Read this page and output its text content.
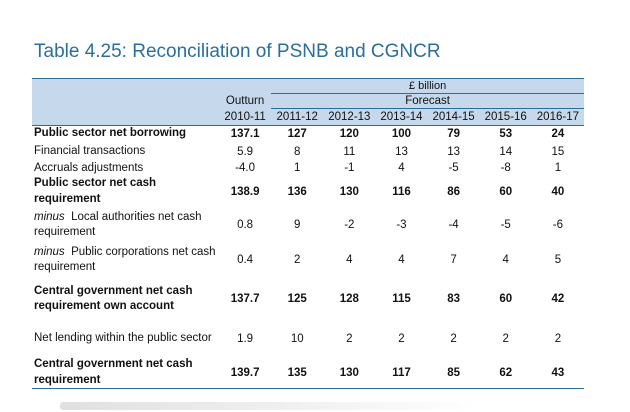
Table 4.25: Reconciliation of PSNB and CGNCR
		£ billion					
	Outturn	Forecast					
	2010-11	2011-12	2012-13	2013-14	2014-15	2015-16	2016-17
Public sector net borrowing	137.1	127	120	100	79	53	24
Financial transactions	5.9	8	11	13	13	14	15
Accruals adjustments	-4.0	1	-1	4	-5	-8	1
Public sector net cash requirement	138.9	136	130	116	86	60	40
minus Local authorities net cash requirement	0.8	9	-2	-3	-4	-5	-6
minus Public corporations net cash requirement	0.4	2	4	4	7	4	5
Central government net cash requirement own account	137.7	125	128	115	83	60	42
Net lending within the public sector	1.9	10	2	2	2	2	2
Central government net cash requirement	139.7	135	130	117	85	62	43
